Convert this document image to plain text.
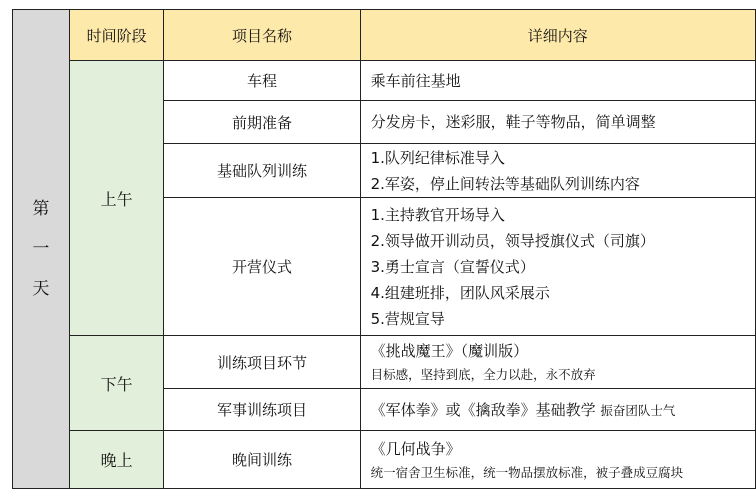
第
一
天	时间阶段	项目名称	详细内容
	上午	车程	乘车前往基地

		前期准备	分发房卡，迷彩服，鞋子等物品，简单调整

		基础队列训练	1.队列纪律标准导入
2.军姿，停止间转法等基础队列训练内容

		开营仪式	1.主持教官开场导入
2.领导做开训动员，领导授旗仪式（司旗）
3.勇士宣言（宣誓仪式）
4.组建班排，团队风采展示
5.营规宣导

	下午	训练项目环节	《挑战魔王》（魔训版）
目标感，坚持到底，全力以赴，永不放弃

		军事训练项目	《军体拳》或《擒敌拳》基础教学 振奋团队士气
	晚上	晚间训练	《几何战争》
统一宿舍卫生标准，统一物品摆放标准，被子叠成豆腐块
